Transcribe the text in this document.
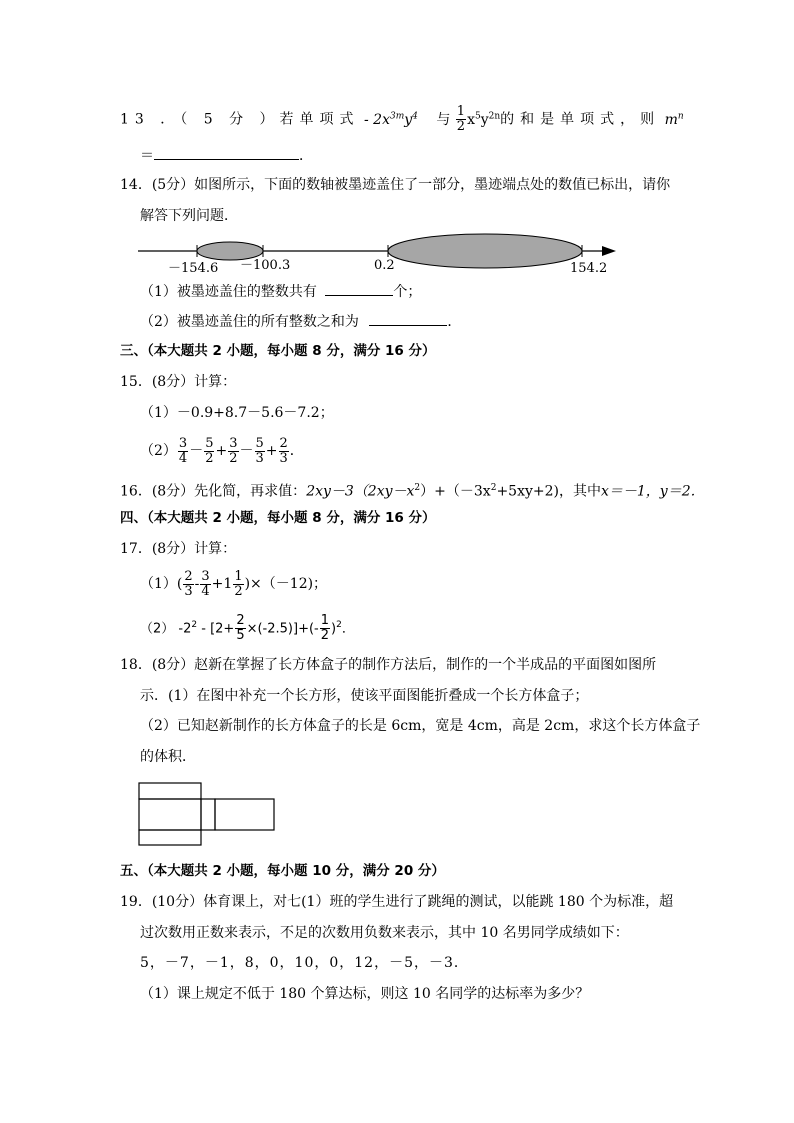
13 ．（ 5 分 ）若单项式 - $2x^{3m}y^4$ 与 $\frac{1}{2} x^5y^{2n}$的和是单项式，则 $m^n$
＝	．
14．(5分）如图所示，下面的数轴被墨迹盖住了一部分，墨迹端点处的数值已标出，请你
解答下列问题．
－154.6 －100.3	0.2	154.2
（1）被墨迹盖住的整数共有	个；
（2）被墨迹盖住的所有整数之和为	．
三、（本大题共 2 小题，每小题 8 分，满分 16 分）
15．(8分）计算：
（1）－0.9+8.7－5.6－7.2；
$(2) \frac{3}{4} - \frac{5}{2} + \frac{3}{2} - \frac{5}{3} + \frac{2}{3}$ ．
16．(8分）先化简，再求值：$2xy-3(2xy-x^2)+(-3x^2+5xy+2)$，其中x＝－1，y＝2．
四、（本大题共 2 小题，每小题 8 分，满分 16 分）
17．(8分）计算：
$(1)( \frac{2}{3} - \frac{3}{4} +1 \frac{1}{2} )\times(-12)$；
（2） $-2^2 - [2+ \frac{2}{5} \times(-2.5)]+(- \frac{1}{2} )^2$．
18．(8分）赵新在掌握了长方体盒子的制作方法后，制作的一个半成品的平面图如图所
示．(1）在图中补充一个长方形，使该平面图能折叠成一个长方体盒子；
（2）已知赵新制作的长方体盒子的长是 6cm，宽是 4cm，高是 2cm，求这个长方体盒子
的体积．
五、（本大题共 2 小题，每小题 10 分，满分 20 分）
19．(10分）体育课上，对七(1）班的学生进行了跳绳的测试，以能跳 180 个为标准，超
过次数用正数来表示，不足的次数用负数来表示，其中 10 名男同学成绩如下：
5，－7，－1，8，0，10，0，12，－5，－3．
（1）课上规定不低于 180 个算达标，则这 10 名同学的达标率为多少？
